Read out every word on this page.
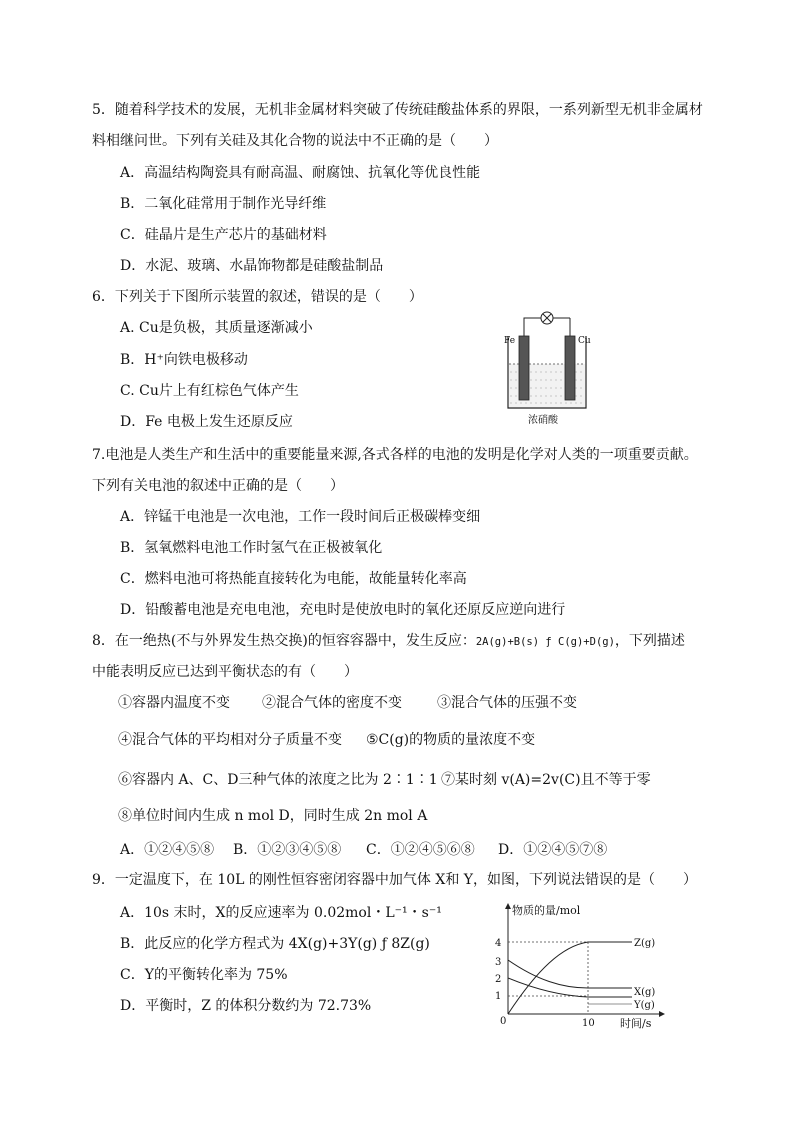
5．随着科学技术的发展，无机非金属材料突破了传统硅酸盐体系的界限，一系列新型无机非金属材
料相继问世。下列有关硅及其化合物的说法中不正确的是（　　）
A．高温结构陶瓷具有耐高温、耐腐蚀、抗氧化等优良性能
B．二氧化硅常用于制作光导纤维
C．硅晶片是生产芯片的基础材料
D．水泥、玻璃、水晶饰物都是硅酸盐制品
6．下列关于下图所示装置的叙述，错误的是（　　）
A. Cu是负极，其质量逐渐减小
B．H⁺向铁电极移动
C. Cu片上有红棕色气体产生
D．Fe 电极上发生还原反应
Fe	Cu
浓硝酸
7.电池是人类生产和生活中的重要能量来源,各式各样的电池的发明是化学对人类的一项重要贡献。
下列有关电池的叙述中正确的是（　　）
A．锌锰干电池是一次电池，工作一段时间后正极碳棒变细
B．氢氧燃料电池工作时氢气在正极被氧化
C．燃料电池可将热能直接转化为电能，故能量转化率高
D．铅酸蓄电池是充电电池，充电时是使放电时的氧化还原反应逆向进行
8．在一绝热(不与外界发生热交换)的恒容容器中，发生反应：2A(g)+B(s) ƒ C(g)+D(g)，下列描述
中能表明反应已达到平衡状态的有（　　）
①容器内温度不变 ②混合气体的密度不变	③混合气体的压强不变
④混合气体的平均相对分子质量不变 ⑤C(g)的物质的量浓度不变
⑥容器内 A、C、D三种气体的浓度之比为 2∶1∶1 ⑦某时刻 v(A)=2v(C)且不等于零
⑧单位时间内生成 n mol D，同时生成 2n mol A
A．①②④⑤⑧ B．①②③④⑤⑧ C．①②④⑤⑥⑧ D．①②④⑤⑦⑧
9．一定温度下，在 10L 的刚性恒容密闭容器中加气体 X和 Y，如图，下列说法错误的是（　　）
A．10s 末时，X的反应速率为 0.02mol・L⁻¹・s⁻¹
B．此反应的化学方程式为 4X(g)+3Y(g) ƒ 8Z(g)
C．Y的平衡转化率为 75%
D．平衡时，Z 的体积分数约为 72.73%
物质的量/mol
时间/s
0	10
4
3
2
1
Z(g)
X(g)
Y(g)
